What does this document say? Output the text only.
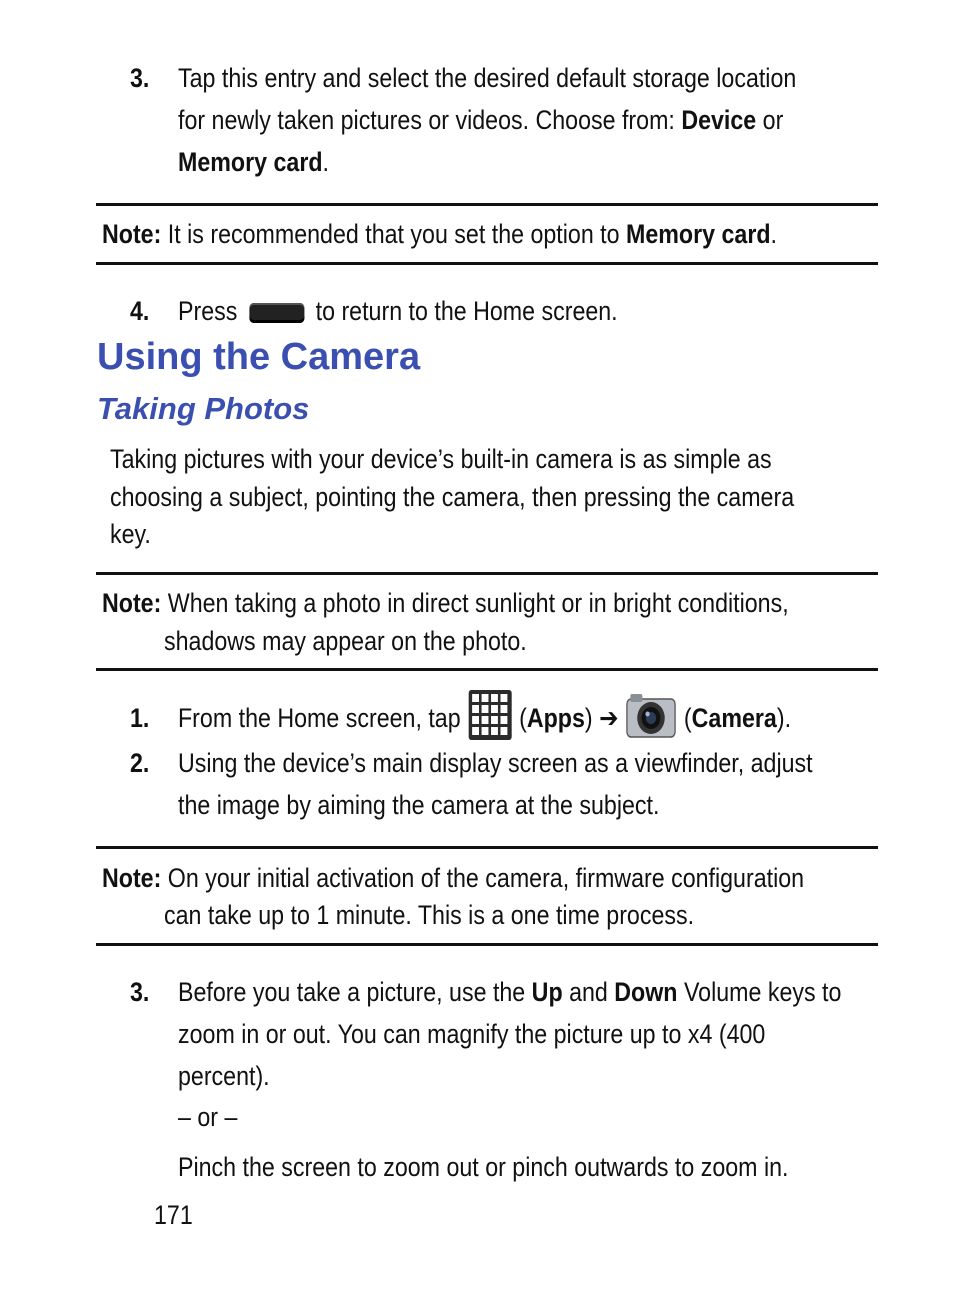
3. Tap this entry and select the desired default storage location
for newly taken pictures or videos. Choose from: Device or
Memory card.
Note: It is recommended that you set the option to Memory card.
4. Press  to return to the Home screen.
Using the Camera
Taking Photos
Taking pictures with your device’s built-in camera is as simple as
choosing a subject, pointing the camera, then pressing the camera
key.
Note: When taking a photo in direct sunlight or in bright conditions,
shadows may appear on the photo.
1. From the Home screen, tap ( Apps ) ➔ ( Camera ).
2. Using the device’s main display screen as a viewfinder, adjust
the image by aiming the camera at the subject.
Note: On your initial activation of the camera, firmware configuration
can take up to 1 minute. This is a one time process.
3. Before you take a picture, use the Up and Down Volume keys to
zoom in or out. You can magnify the picture up to x4 (400
percent).
– or –
Pinch the screen to zoom out or pinch outwards to zoom in.
171
